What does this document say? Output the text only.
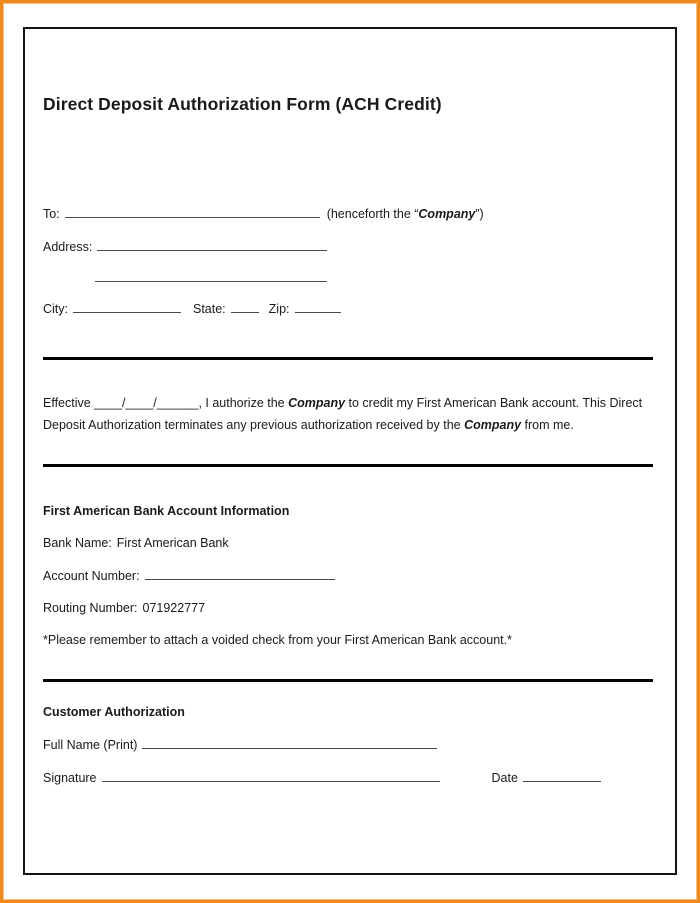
Direct Deposit Authorization Form (ACH Credit)
To:	(henceforth the “Company”)
Address:
City:	State:	Zip:

Effective ____/____/______, I authorize the Company to credit my First American Bank account. This Direct Deposit Authorization terminates any previous authorization received by the Company from me.

First American Bank Account Information
Bank Name: First American Bank
Account Number:
Routing Number: 071922777
*Please remember to attach a voided check from your First American Bank account.*
Customer Authorization
Full Name (Print)
Signature	Date
